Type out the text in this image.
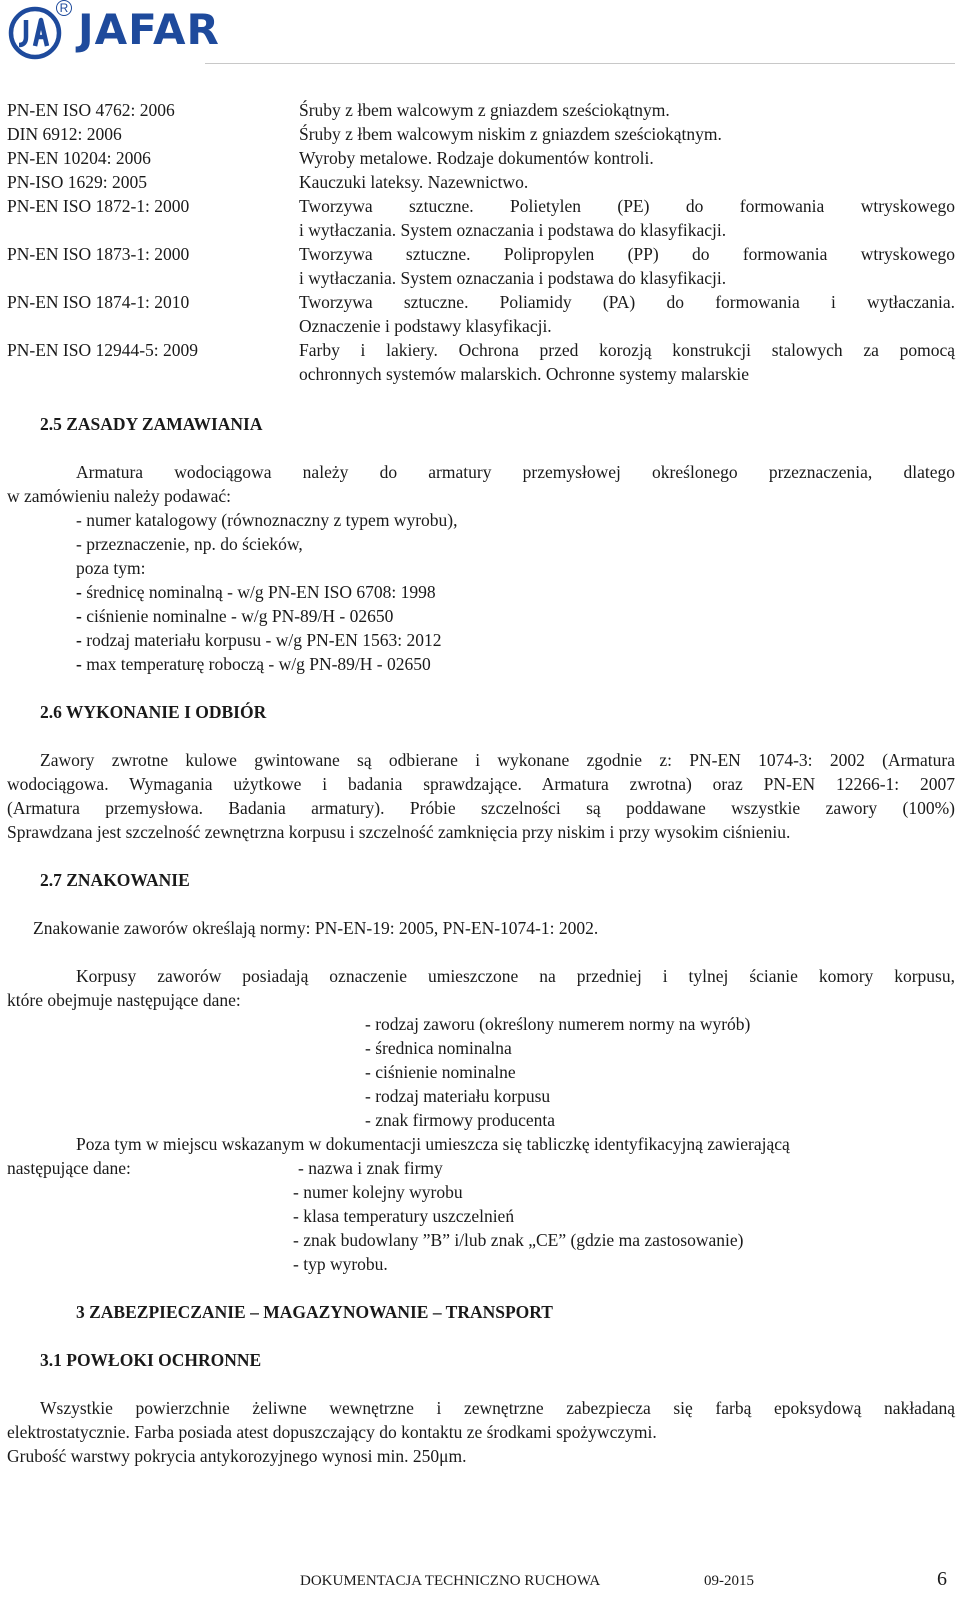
R JAFAR
PN-EN ISO 4762: 2006	Śruby z łbem walcowym z gniazdem sześciokątnym.
DIN 6912: 2006	Śruby z łbem walcowym niskim z gniazdem sześciokątnym.
PN-EN 10204: 2006	Wyroby metalowe. Rodzaje dokumentów kontroli.
PN-ISO 1629: 2005	Kauczuki lateksy. Nazewnictwo.
PN-EN ISO 1872-1: 2000	Tworzywa sztuczne. Polietylen (PE) do formowania wtryskowego
i wytłaczania. System oznaczania i podstawa do klasyfikacji.
PN-EN ISO 1873-1: 2000	Tworzywa sztuczne. Polipropylen (PP) do formowania wtryskowego
i wytłaczania. System oznaczania i podstawa do klasyfikacji.
PN-EN ISO 1874-1: 2010	Tworzywa sztuczne. Poliamidy (PA) do formowania i wytłaczania.
Oznaczenie i podstawy klasyfikacji.
PN-EN ISO 12944-5: 2009	Farby i lakiery. Ochrona przed korozją konstrukcji stalowych za pomocą
ochronnych systemów malarskich. Ochronne systemy malarskie
2.5 ZASADY ZAMAWIANIA
Armatura wodociągowa należy do armatury przemysłowej określonego przeznaczenia, dlatego
w zamówieniu należy podawać:
- numer katalogowy (równoznaczny z typem wyrobu),
- przeznaczenie, np. do ścieków,
poza tym:
- średnicę nominalną - w/g PN-EN ISO 6708: 1998
- ciśnienie nominalne - w/g PN-89/H - 02650
- rodzaj materiału korpusu - w/g PN-EN 1563: 2012
- max temperaturę roboczą - w/g PN-89/H - 02650
2.6 WYKONANIE I ODBIÓR
Zawory zwrotne kulowe gwintowane są odbierane i wykonane zgodnie z: PN-EN 1074-3: 2002 (Armatura
wodociągowa. Wymagania użytkowe i badania sprawdzające. Armatura zwrotna) oraz PN-EN 12266-1: 2007
(Armatura przemysłowa. Badania armatury). Próbie szczelności są poddawane wszystkie zawory (100%)
Sprawdzana jest szczelność zewnętrzna korpusu i szczelność zamknięcia przy niskim i przy wysokim ciśnieniu.
2.7 ZNAKOWANIE
Znakowanie zaworów określają normy: PN-EN-19: 2005, PN-EN-1074-1: 2002.
Korpusy zaworów posiadają oznaczenie umieszczone na przedniej i tylnej ścianie komory korpusu,
które obejmuje następujące dane:
- rodzaj zaworu (określony numerem normy na wyrób)
- średnica nominalna
- ciśnienie nominalne
- rodzaj materiału korpusu
- znak firmowy producenta
Poza tym w miejscu wskazanym w dokumentacji umieszcza się tabliczkę identyfikacyjną zawierającą
następujące dane:	- nazwa i znak firmy
- numer kolejny wyrobu
- klasa temperatury uszczelnień
- znak budowlany ”B” i/lub znak „CE” (gdzie ma zastosowanie)
- typ wyrobu.
3 ZABEZPIECZANIE – MAGAZYNOWANIE – TRANSPORT
3.1 POWŁOKI OCHRONNE
Wszystkie powierzchnie żeliwne wewnętrzne i zewnętrzne zabezpiecza się farbą epoksydową nakładaną
elektrostatycznie. Farba posiada atest dopuszczający do kontaktu ze środkami spożywczymi.
Grubość warstwy pokrycia antykorozyjnego wynosi min. 250μm.
DOKUMENTACJA TECHNICZNO RUCHOWA	09-2015	6
